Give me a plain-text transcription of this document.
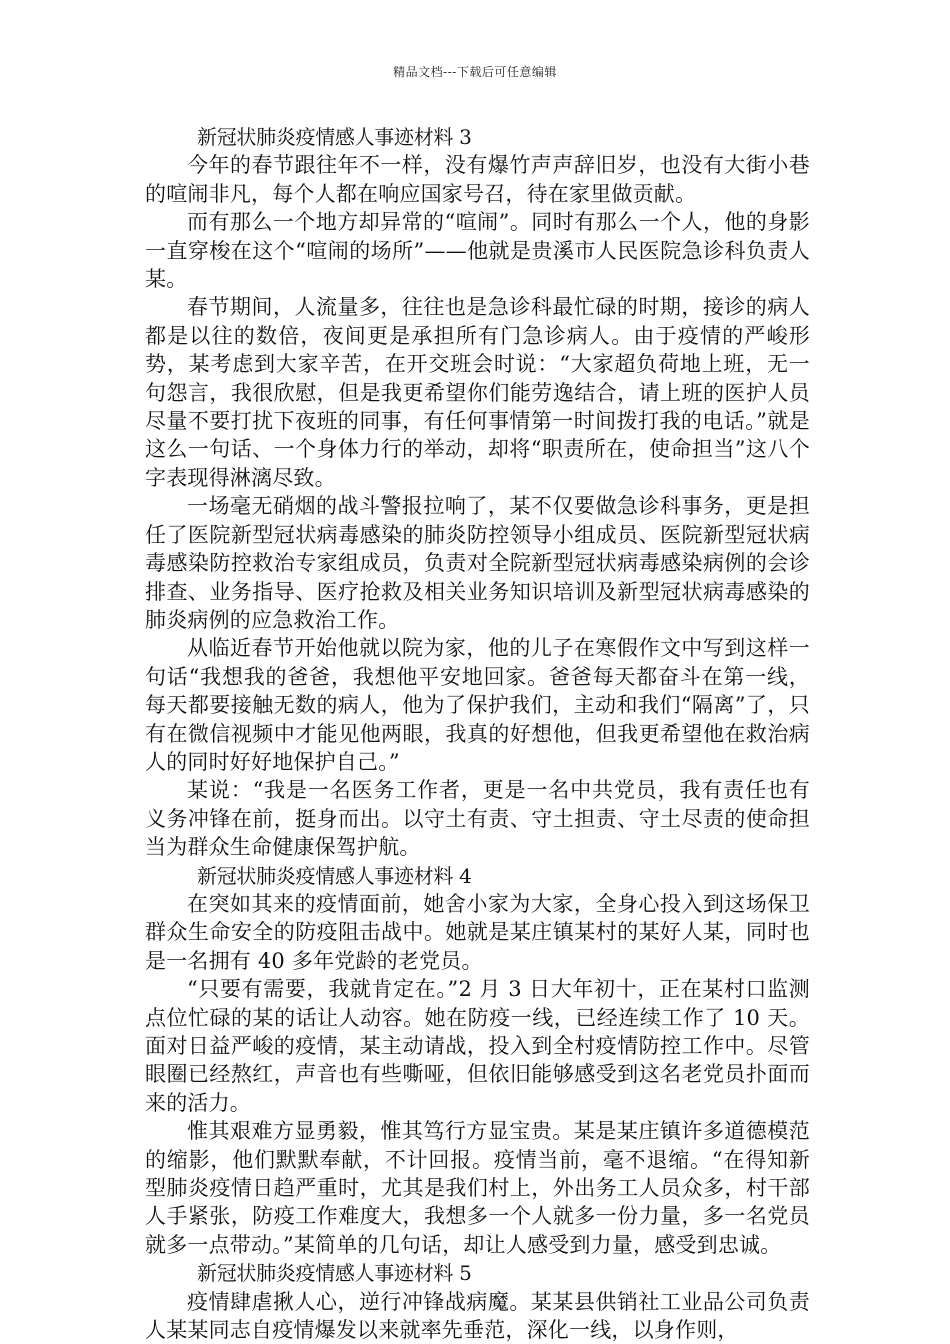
精品文档---下载后可任意编辑

新冠状肺炎疫情感人事迹材料 3

今年的春节跟往年不一样，没有爆竹声声辞旧岁，也没有大街小巷的喧闹非凡，每个人都在响应国家号召，待在家里做贡献。

而有那么一个地方却异常的“喧闹”。同时有那么一个人，他的身影一直穿梭在这个“喧闹的场所”——他就是贵溪市人民医院急诊科负责人某。

春节期间，人流量多，往往也是急诊科最忙碌的时期，接诊的病人都是以往的数倍，夜间更是承担所有门急诊病人。由于疫情的严峻形势，某考虑到大家辛苦，在开交班会时说：“大家超负荷地上班，无一句怨言，我很欣慰，但是我更希望你们能劳逸结合，请上班的医护人员尽量不要打扰下夜班的同事，有任何事情第一时间拨打我的电话。”就是这么一句话、一个身体力行的举动，却将“职责所在，使命担当”这八个字表现得淋漓尽致。

一场毫无硝烟的战斗警报拉响了，某不仅要做急诊科事务，更是担任了医院新型冠状病毒感染的肺炎防控领导小组成员、医院新型冠状病毒感染防控救治专家组成员，负责对全院新型冠状病毒感染病例的会诊排查、业务指导、医疗抢救及相关业务知识培训及新型冠状病毒感染的肺炎病例的应急救治工作。

从临近春节开始他就以院为家，他的儿子在寒假作文中写到这样一句话“我想我的爸爸，我想他平安地回家。爸爸每天都奋斗在第一线，每天都要接触无数的病人，他为了保护我们，主动和我们“隔离”了，只有在微信视频中才能见他两眼，我真的好想他，但我更希望他在救治病人的同时好好地保护自己。”

某说：“我是一名医务工作者，更是一名中共党员，我有责任也有义务冲锋在前，挺身而出。以守土有责、守土担责、守土尽责的使命担当为群众生命健康保驾护航。

新冠状肺炎疫情感人事迹材料 4

在突如其来的疫情面前，她舍小家为大家，全身心投入到这场保卫群众生命安全的防疫阻击战中。她就是某庄镇某村的某好人某，同时也是一名拥有 40 多年党龄的老党员。

“只要有需要，我就肯定在。”2 月 3 日大年初十，正在某村口监测点位忙碌的某的话让人动容。她在防疫一线，已经连续工作了 10 天。面对日益严峻的疫情，某主动请战，投入到全村疫情防控工作中。尽管眼圈已经熬红，声音也有些嘶哑，但依旧能够感受到这名老党员扑面而来的活力。

惟其艰难方显勇毅，惟其笃行方显宝贵。某是某庄镇许多道德模范的缩影，他们默默奉献，不计回报。疫情当前，毫不退缩。“在得知新型肺炎疫情日趋严重时，尤其是我们村上，外出务工人员众多，村干部人手紧张，防疫工作难度大，我想多一个人就多一份力量，多一名党员就多一点带动。”某简单的几句话，却让人感受到力量，感受到忠诚。

新冠状肺炎疫情感人事迹材料 5

疫情肆虐揪人心，逆行冲锋战病魔。某某县供销社工业品公司负责人某某同志自疫情爆发以来就率先垂范，深化一线，以身作则，
